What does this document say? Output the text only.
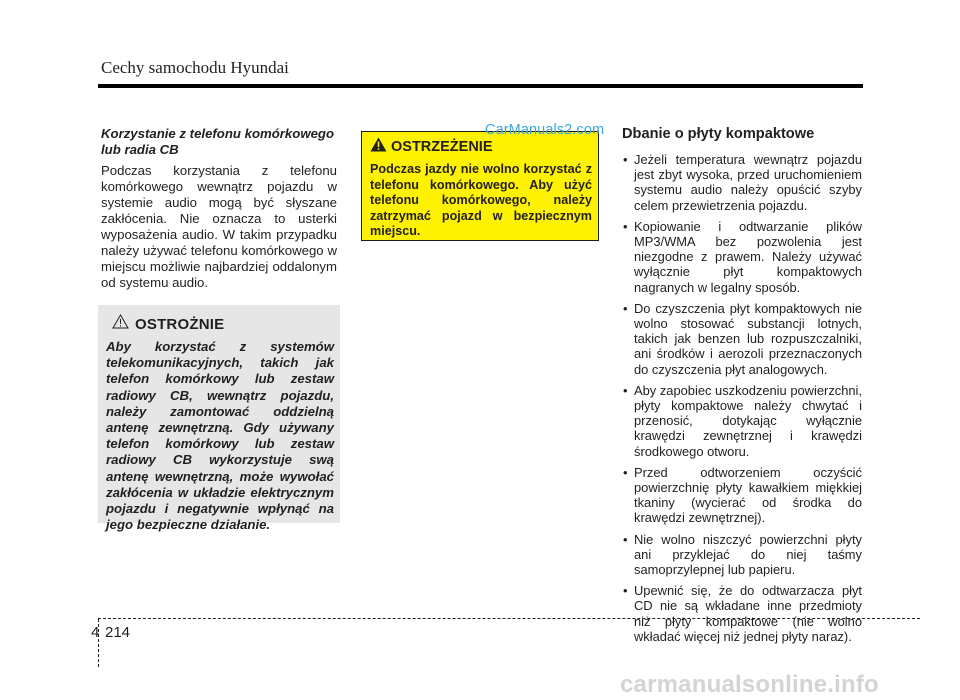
Cechy samochodu Hyundai

Korzystanie z telefonu komórkowego lub radia CB

Podczas korzystania z telefonu komórkowego wewnątrz pojazdu w systemie audio mogą być słyszane zakłócenia. Nie oznacza to usterki wyposażenia audio. W takim przypadku należy używać telefonu komórkowego w miejscu możliwie najbardziej oddalonym od systemu audio.

OSTROŻNIE
Aby korzystać z systemów telekomunikacyjnych, takich jak telefon komórkowy lub zestaw radiowy CB, wewnątrz pojazdu, należy zamontować oddzielną antenę zewnętrzną. Gdy używany telefon komórkowy lub zestaw radiowy CB wykorzystuje swą antenę wewnętrzną, może wywołać zakłócenia w układzie elektrycznym pojazdu i negatywnie wpłynąć na jego bezpieczne działanie.
OSTRZEŻENIE
Podczas jazdy nie wolno korzystać z telefonu komórkowego. Aby użyć telefonu komórkowego, należy zatrzymać pojazd w bezpiecznym miejscu.
CarManuals2.com Dbanie o płyty kompaktowe

• Jeżeli temperatura wewnątrz pojazdu jest zbyt wysoka, przed uruchomieniem systemu audio należy opuścić szyby celem przewietrzenia pojazdu.
• Kopiowanie i odtwarzanie plików MP3/WMA bez pozwolenia jest niezgodne z prawem. Należy używać wyłącznie płyt kompaktowych nagranych w legalny sposób.
• Do czyszczenia płyt kompaktowych nie wolno stosować substancji lotnych, takich jak benzen lub rozpuszczalniki, ani środków i aerozoli przeznaczonych do czyszczenia płyt analogowych.
• Aby zapobiec uszkodzeniu powierzchni, płyty kompaktowe należy chwytać i przenosić, dotykając wyłącznie krawędzi zewnętrznej i krawędzi środkowego otworu.
• Przed odtworzeniem oczyścić powierzchnię płyty kawałkiem miękkiej tkaniny (wycierać od środka do krawędzi zewnętrznej).
• Nie wolno niszczyć powierzchni płyty ani przyklejać do niej taśmy samoprzylepnej lub papieru.
• Upewnić się, że do odtwarzacza płyt CD nie są wkładane inne przedmioty niż płyty kompaktowe (nie wolno wkładać więcej niż jednej płyty naraz).
4 214
carmanualsonline.info
